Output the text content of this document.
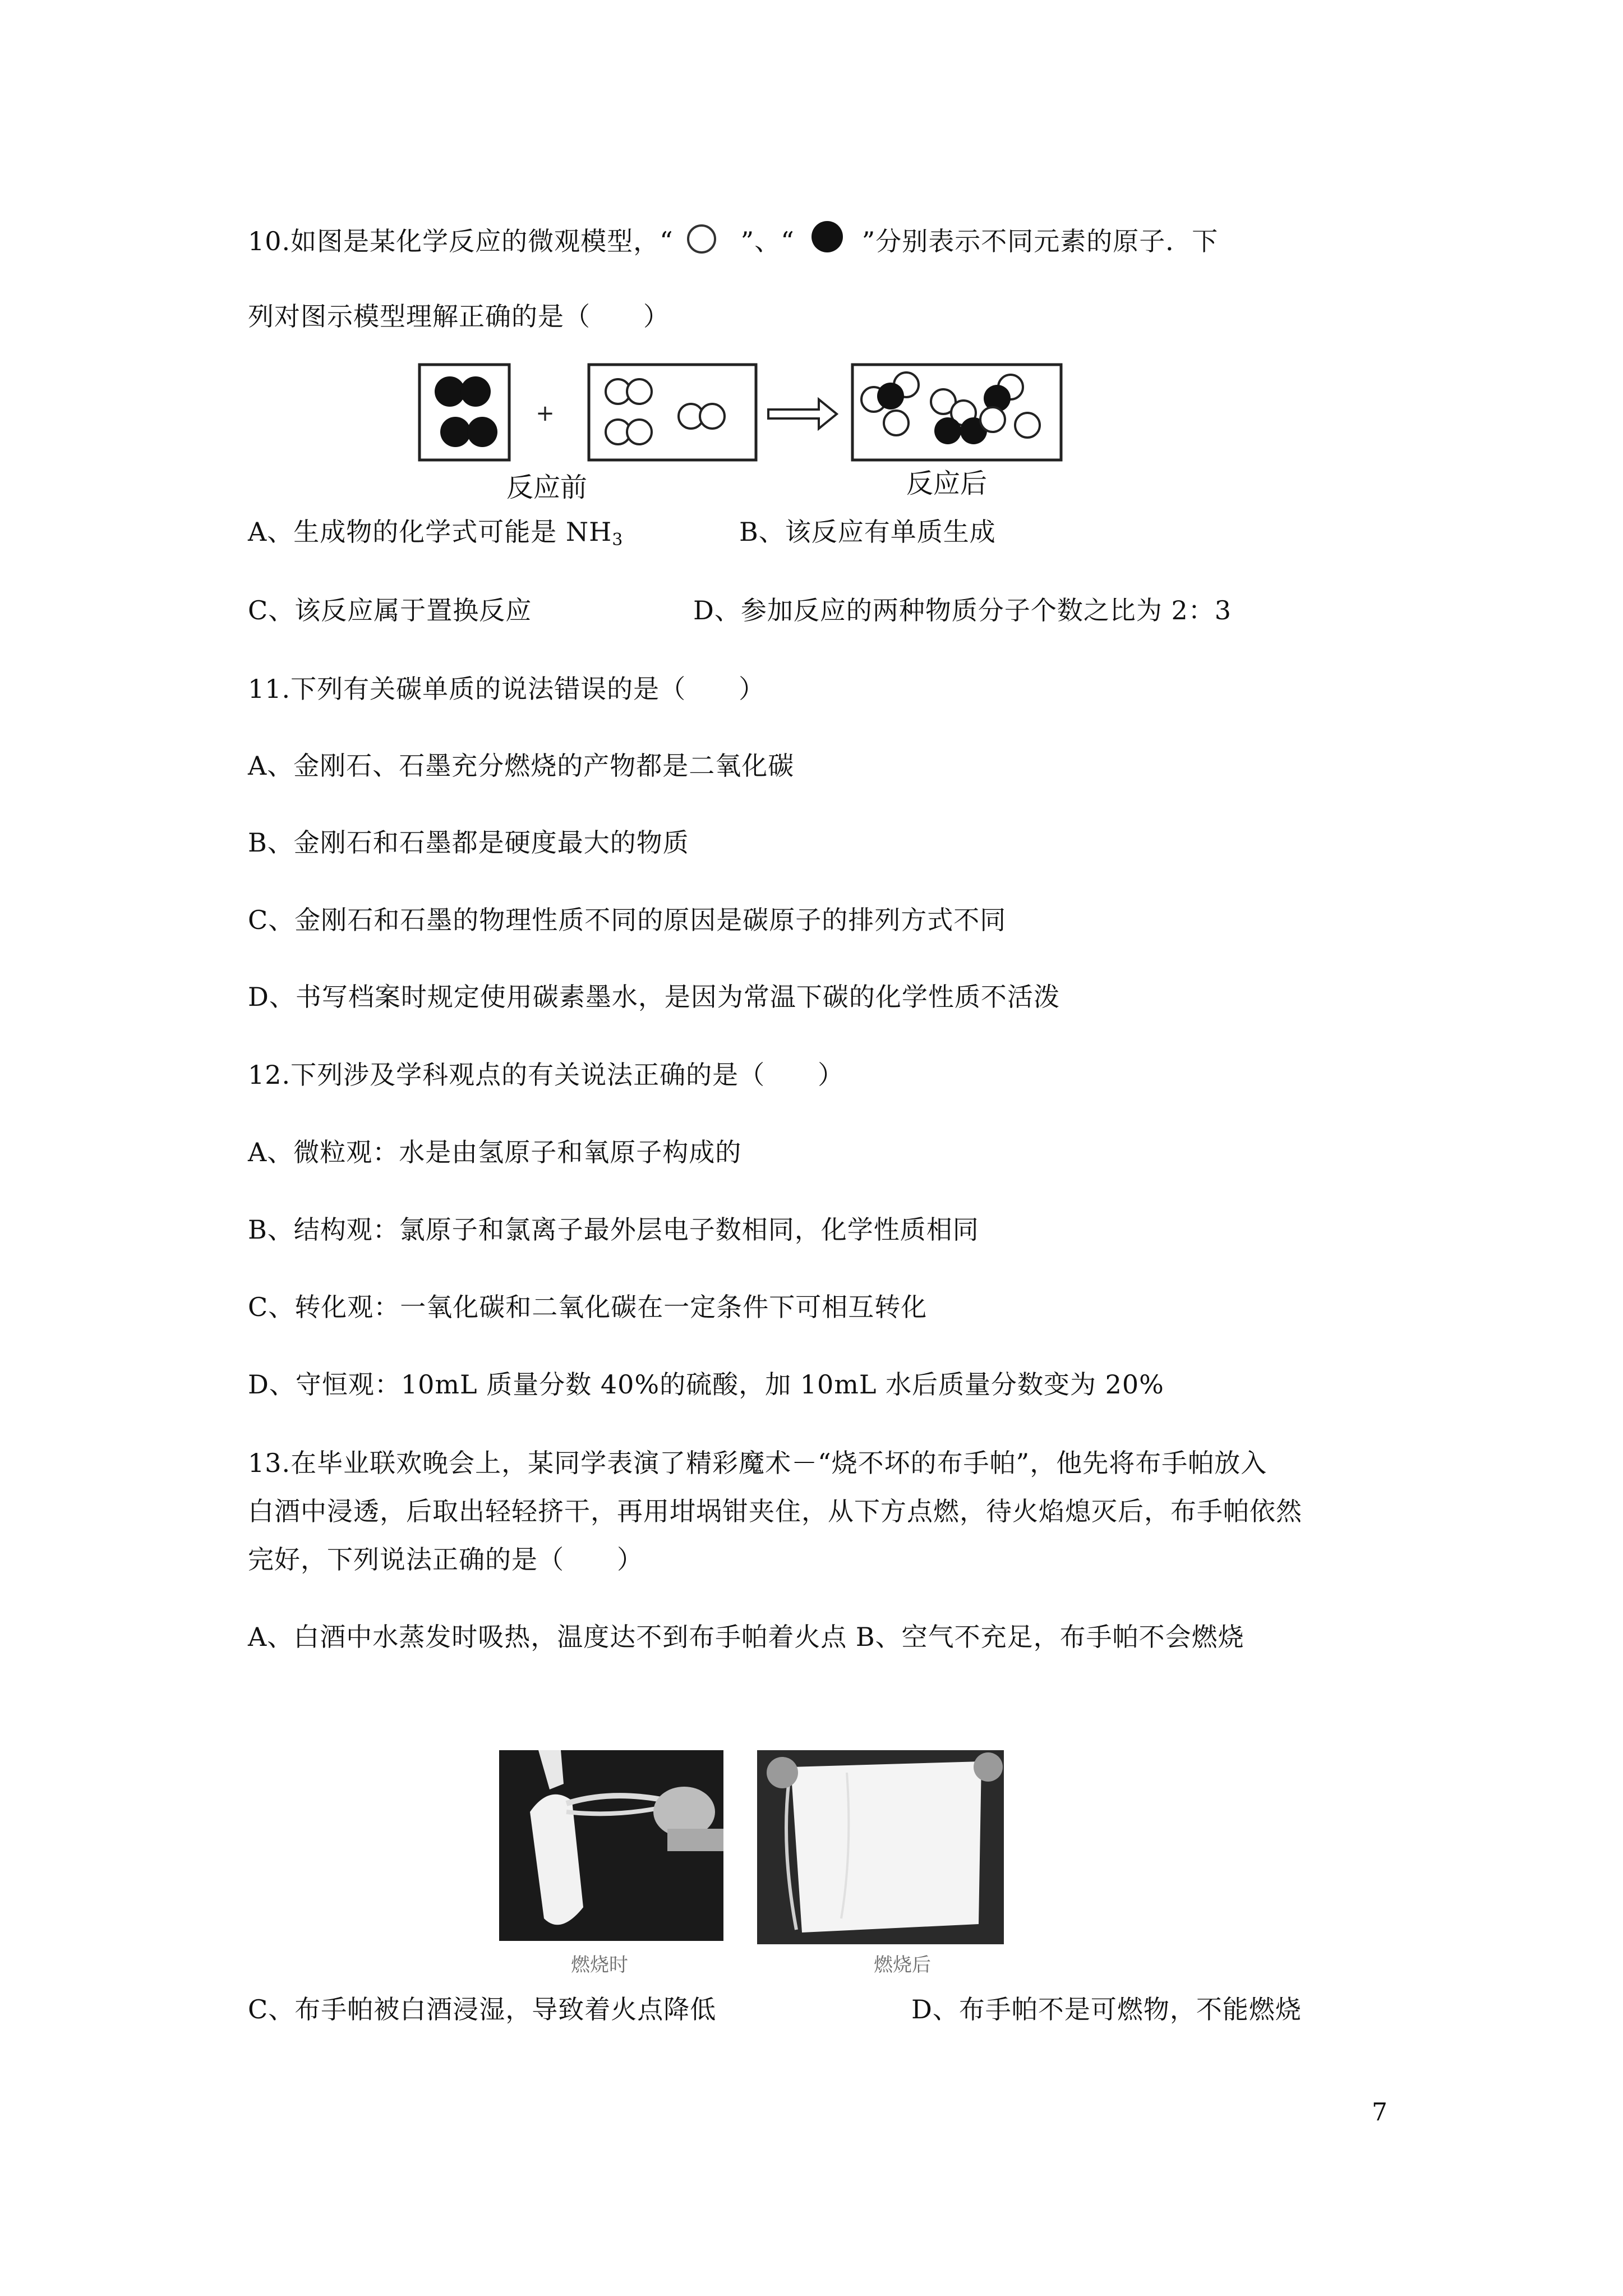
10.如图是某化学反应的微观模型，“	”、“	”分别表示不同元素的原子．下
列对图示模型理解正确的是（　　）
+
反应前	反应后
A、生成物的化学式可能是 $NH_3$	B、该反应有单质生成
C、该反应属于置换反应	D、参加反应的两种物质分子个数之比为 2：3
11.下列有关碳单质的说法错误的是（　　）
A、金刚石、石墨充分燃烧的产物都是二氧化碳
B、金刚石和石墨都是硬度最大的物质
C、金刚石和石墨的物理性质不同的原因是碳原子的排列方式不同
D、书写档案时规定使用碳素墨水，是因为常温下碳的化学性质不活泼
12.下列涉及学科观点的有关说法正确的是（　　）
A、微粒观：水是由氢原子和氧原子构成的
B、结构观：氯原子和氯离子最外层电子数相同，化学性质相同
C、转化观：一氧化碳和二氧化碳在一定条件下可相互转化
D、守恒观：10mL 质量分数 40%的硫酸，加 10mL 水后质量分数变为 20%
13.在毕业联欢晚会上，某同学表演了精彩魔术－“烧不坏的布手帕”，他先将布手帕放入
白酒中浸透，后取出轻轻挤干，再用坩埚钳夹住，从下方点燃，待火焰熄灭后，布手帕依然
完好，下列说法正确的是（　　）
A、白酒中水蒸发时吸热，温度达不到布手帕着火点 B、空气不充足，布手帕不会燃烧
燃烧时	燃烧后
C、布手帕被白酒浸湿，导致着火点降低	D、布手帕不是可燃物，不能燃烧
7
